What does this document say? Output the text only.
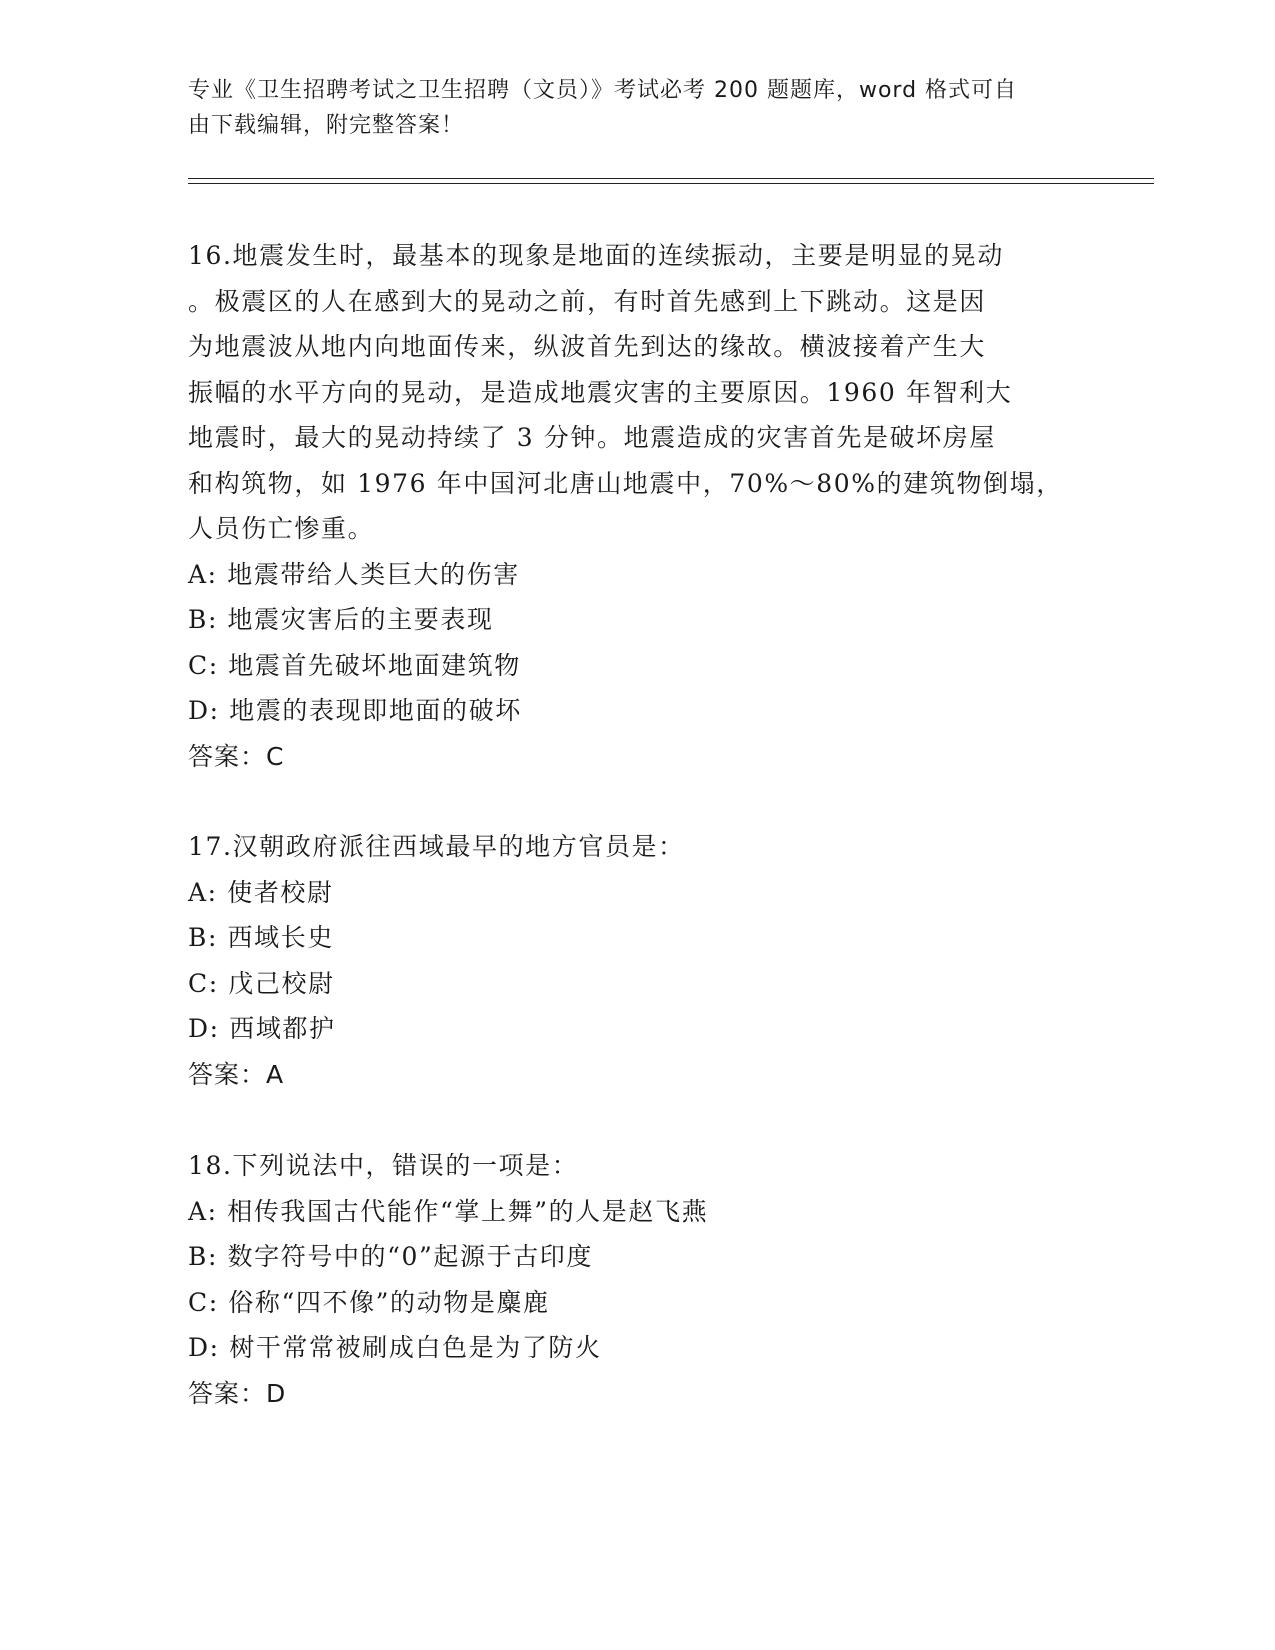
专业《卫生招聘考试之卫生招聘（文员）》考试必考 200 题题库，word 格式可自
由下载编辑，附完整答案！

16.地震发生时，最基本的现象是地面的连续振动，主要是明显的晃动

。极震区的人在感到大的晃动之前，有时首先感到上下跳动。这是因

为地震波从地内向地面传来，纵波首先到达的缘故。横波接着产生大

振幅的水平方向的晃动，是造成地震灾害的主要原因。1960 年智利大

地震时，最大的晃动持续了 3 分钟。地震造成的灾害首先是破坏房屋

和构筑物，如 1976 年中国河北唐山地震中，70%～80%的建筑物倒塌，

人员伤亡惨重。

A: 地震带给人类巨大的伤害

B: 地震灾害后的主要表现

C: 地震首先破坏地面建筑物

D: 地震的表现即地面的破坏

答案：C

17.汉朝政府派往西域最早的地方官员是：

A: 使者校尉

B: 西域长史

C: 戊己校尉

D: 西域都护

答案：A

18.下列说法中，错误的一项是：

A: 相传我国古代能作“掌上舞”的人是赵飞燕

B: 数字符号中的“0”起源于古印度

C: 俗称“四不像”的动物是麋鹿

D: 树干常常被刷成白色是为了防火

答案：D
